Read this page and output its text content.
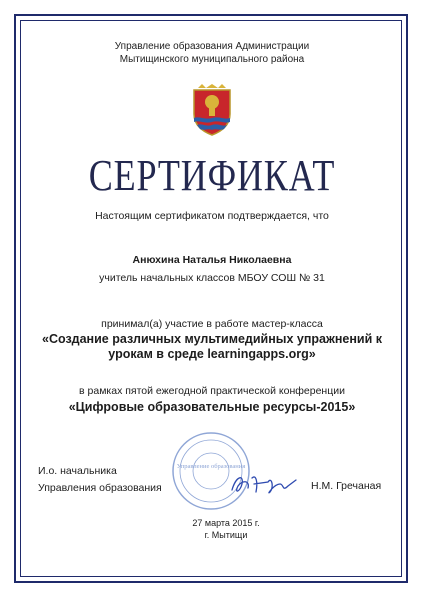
Управление образования Администрации
Мытищинского муниципального района
СЕРТИФИКАТ
Настоящим сертификатом подтверждается, что
Анюхина Наталья Николаевна
учитель начальных классов МБОУ СОШ № 31
принимал(а) участие в работе мастер-класса
«Создание различных мультимедийных упражнений к
урокам в среде learningapps.org»
в рамках пятой ежегодной практической конференции
«Цифровые образовательные ресурсы-2015»
Управление образования
И.о. начальника
Управления образования	Н.М. Гречаная
27 марта 2015 г.
г. Мытищи
